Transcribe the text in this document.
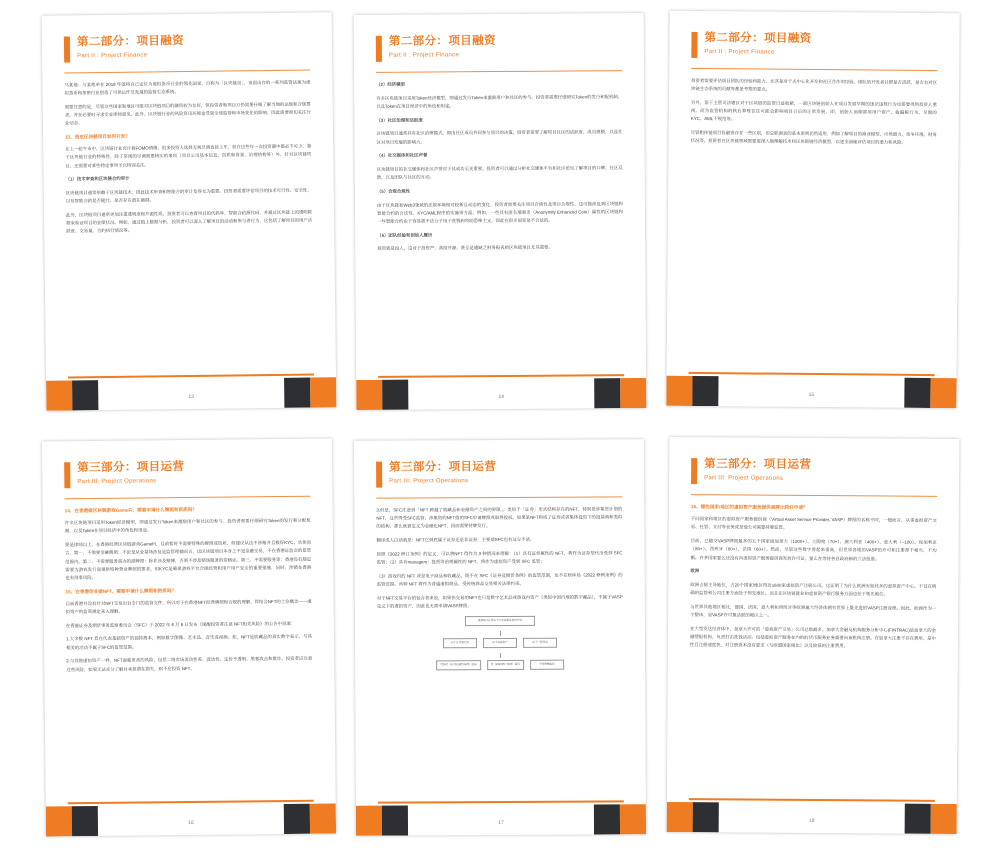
第二部分：项目融资
Part II : Project Finance

马某他：与某他单在 2018 年就将自己定位为虚拟货币行业的领先国家，自称为「区块链岛」，该国出台的一系列监管法案为虚拟货币和加密行业创造了可供运作及发展的监管生态系统。

需要注意的是，尽管这些国家和地区可能对区块链项目的融资较为友好，但投资者和项目方仍需要仔细了解当地的法规和合规要求，并在必要时寻求专业律师意见。此外，区块链行业的风险资讯环境也受到全球监管和市场变化的影响，因此需要密切关注行业动态。

13、选定区块链项目如何开发？

在上一轮牛市中，区块链行业充斥着FOMO情绪。很多投资人选择无视尽调直接上车，但在这些年一次投资潮中都必不可少。鉴于区块链行业的特殊性，除了常规的尽调需要核实的事项（项目公司基本信息、资质和背景、治理结构等）外，针对区块链项目，还需要对某些特定事项予以特别关注。

（1）技术审查和区块链合约审计

区块链项目通常依赖于区块链技术，因此技术审查和智能合约审计变得尤为重要。投资者需要评估项目的技术可行性、安全性，以及智能合约是否健壮，是否存在潜在漏洞。

此外，区块链项目通常更加注重透明度和开源性质。投资者可以查看项目的代码库、智能合约源代码，并通过区块链上的透明数据来验证项目的业绩状况。例如，通过链上数据分析，投资者可以深入了解项目的活动和参与者行为，这包括了解项目的用户活跃度、交易量、合约执行情况等。

13
第二部分：项目融资
Part II : Project Finance

（2）经济模型

许多区块链项目采用Token经济模型，即通过发行Token来激励用户和社区的参与。投资者需要仔细研究Token的发行和配机制，以及Token在项目经济中的角色和用途。

（3）社区治理和活跃度

区块链项目通常具有社区治理模式，即由社区成员共同参与项目的决策。投资者需要了解项目社区的活跃度、成员规模，以及社区对项目发展的影响力。

（4）社交媒体和社区声誉

区块链项目的社交媒体和社区声誉对于其成功至关重要。投资者可以通过分析社交媒体平台和社区论坛了解项目的口碑、社区反馈，以及团队与社区的互动。

（5）合规合规性

由于区块链和Web3领域的法规环境相对较新且动态的变化，投资者需要关注项目合规性及项目合规性。这可能涉及到区块链和智能合约的合法性、KYC/AML程序的实施等方面。例如，一些具有匿名增强币（Anonymity Enhanced Coin）属性的区块链和一些智能合约由于容易被不法分子用于洗钱和资助恐怖主义，因此在很多国家是不合法的。

（6）团队经验和创始人履历

投资就是投人，这对于投资严、高度开源、甚至是逾缺乏财务报表的区块链项目尤其重要。

14
第二部分：项目融资
Part II : Project Finance

投资者需要评估项目团队的经验和能力，尤其是对于去中心化开发和社区合作的经验、团队的开发者社群是否活跃，是否有对区块链生态系统的贡献等都是考察的要点。

另外，鉴于主管司法辖区对于区块链的监管日益收紧，一部区块链创始人在项目发展早期的违法违规行为也需要得到投资人重视，而为监管机构的秋后算账往往可能会影响项目日后的正常发展。即，创始人前期部用用户资产、偷漏税行为、早期的KYC、AML不规范等。

尽管粗传链项目投融资存在一些区别，但总职调查的基本原则仍然适用，例如了解项目的商业模型、市场潜力、竞争环境、财务状况等。投资者在区块链领域需要更深入地理解技术和区块链链经济模型，以更全面地评估项目的潜力和风险。

15
第三部分：项目运营
Part III: Project Operations

14、在香港做区块链游戏GameFi，需要申请什么牌照和资质吗？

许多区块链项目采用Token经济模型，即通过发行Token来激励用户和社区的参与。投资者需要仔细研究Token的发行和分配机制，以及Token在项目经济中的角色和用途。

要是律师以上，在香港经营区块链游戏GameFi，目前暂时不需要特殊的牌照或资质，但建议从法不涉赌并且极好KYC。具体而言，第一、不需要金融牌照：不论是从业基场涉及是监管理辅而言，这区块链项目本身之不是金融交易，不在香港证监会的监管范围内。第二、不需要服务需办的游牌照：除非涉及赌博，否则不涉及赌场服务的资格证。第三、不需要服务等：香港没有规定需要为游戏发行商提供特种营业牌照的要求，但KYC是确保游戏平台合规经营和用户用户安全的重要措施，同时，涉赌在香港也有刑事风险。

15、在香港创业做NFT，需要申请什么牌照和资质吗？

目前香港并没有针对NFT交易出台专门的监管文件，所以对于在香港NFT经营牌照和合规的理解，得结合NFT的土位概念——虚拟资产的监管规定来入理解。

在香港证券及期货事务监察委员会（SFC）于 2022 年 6 月 6 日发布《提醒投资者注意 NFT相关风险》的公告中说道：

1.大多数 NFT 旨在代表基础资产的独特拷本，例如数字图像、艺术品、音乐或视频。如，NFT是收藏品的真实数字表示，与其相关的活动不属于SFC的监管范围。

2.与其他虚拟资产一样，NFT面临更高的风险，包括二级市场流动性差、波动性、定价不透明、黑客攻击和欺诈。投资者应注意这些风险，如果无法充分了解并承担潜在损失，则不应投资 NFT。

16
第三部分：项目运营
Part III: Project Operations

3.但是，SFC注意到「NFT 跨越了收藏品和金融资产之间的界限」。类似于「证券」形式结构存在的NFT、特别是涉集资计划的NFT，这些得受SFC监管，涉集资的NFT值的SFC申请牌照或取得投权。如果某NFT构成了证券或者集体投资下的投基典和类似的结构，那么就被定义为金融化NFT，因而需要持牌发行。

翻译成人白话就是：NFT它到底属于证券还是非证券，主要部SFC也有这分不清。

按照《2022 修订条例》的定义，可以将NFT 得作为 3 种情况来理解：（1）具有证券属性的 NFT，将作为证券型代币受到 SFC 监管；（2）具有managers：投票等治理属性的 NFT，将作为虚拟资产受到 SFC 监管；

（3）游戏内的 NFT 或是电子商品和收藏品，既不在 SFC《证券及期货条例》的监管范围，也不在财库局《2022 修例条例》的监管范围。该种 NFT 将作为普通虚拟商品、受传统商品交易相关法律约束。

对于NFT交易平台的包含者来说，如果你交易的NFT也只是数字艺术品或游戏内资产（类似中国内地的数字藏品），不属于VASP定义下的虚拟资产，因此也无需申请VASP牌照。

某项NFT是否属于证券或集体投资计划
属于证券型代币	属于虚拟资产	属于一般商品
受SFC《证券及期货条例》监管	受《2022修订条例》监管	不受金融监管
17
第三部分：项目运营
Part III: Project Operations

16、哪些国家/地区的虚拟资产服务提供商牌比较好申请？

不同国家和地区的虚拟资产服务提供商（Virtual Asset Service Provider, VASP）牌照的名称不同，一般而言，从事虚拟资产交易、托管、支付等业务或是他公司需要持牌监管。

目前，已随交VASP牌照最多的五个国家组加拿大（1200+）、立陶宛（70+）、澳大利亚（400+）、意大利（~100）、保加利亚（80+）、西班牙（60+）、法国（60+）。然而，尽管这些数字看起来很高，但世界各地的VASP的许可和注册却不相当，不均衡。许多国家要么还没有向虚拟资产服务提供商发放许可证，要么在等待各自政府新的立法批准。

欧洲

欧洲占据主导地位，占20个国家/地区得近1600家虚拟资产注册公司。这证明了为什么欧洲有如此多的虚拟资产中心。不仅在明确的监管和公司注册方面处于领先地位。而且在区块链就业和虚拟资产银行服务方面也处于领先地位。

与世界其他地区相比，德国、法国、意大利和西班牙等欧洲最大经济体拥有世界上最先进的VASP注册流程。因此，欧洲作为一个整体，是VASP许可最活跃的地区之一。

在大型发达经济体中，加拿大许可的「虚拟资产交易」公司总数最多。加拿大金融及机构服务分析中心(FINTRAC)是加拿大的金融情报机构，负责打击洗钱活动。包括虚拟资产服务在内的的货币服务业务需要向该机构注册。在加拿大注册不存在费用，是中性且注册速度快，对注册资本没有要求（与欧盟国家相比）以及较低的注册费用。

18
